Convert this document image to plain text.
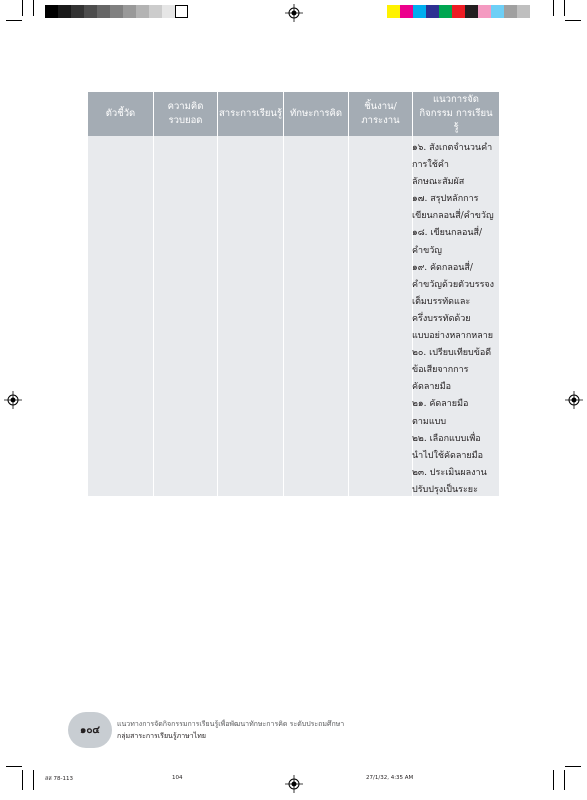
ตัวชี้วัด
ความคิด รวบยอด
สาระการเรียนรู้ ทักษะการคิด
ชิ้นงาน/ ภาระงาน
แนวการจัดกิจกรรม การเรียนรู้
๑๖. สังเกตจำนวนคำ
การใช้คำ
ลักษณะสัมผัส
๑๗. สรุปหลักการ
เขียนกลอนสี่/คำขวัญ
๑๘. เขียนกลอนสี่/
คำขวัญ
๑๙. คัดกลอนสี่/
คำขวัญด้วยตัวบรรจง
เต็มบรรทัดและ
ครึ่งบรรทัดด้วย
แบบอย่างหลากหลาย
๒๐. เปรียบเทียบข้อดี
ข้อเสียจากการ
คัดลายมือ
๒๑. คัดลายมือ
ตามแบบ
๒๒. เลือกแบบเพื่อ
นำไปใช้คัดลายมือ
๒๓. ประเมินผลงาน
ปรับปรุงเป็นระยะ
๑๐๔
แนวทางการจัดกิจกรรมการเรียนรู้เพื่อพัฒนาทักษะการคิด ระดับประถมศึกษา
กลุ่มสาระการเรียนรู้ภาษาไทย
สส 78-113	104	27/1/32, 4:35 AM
